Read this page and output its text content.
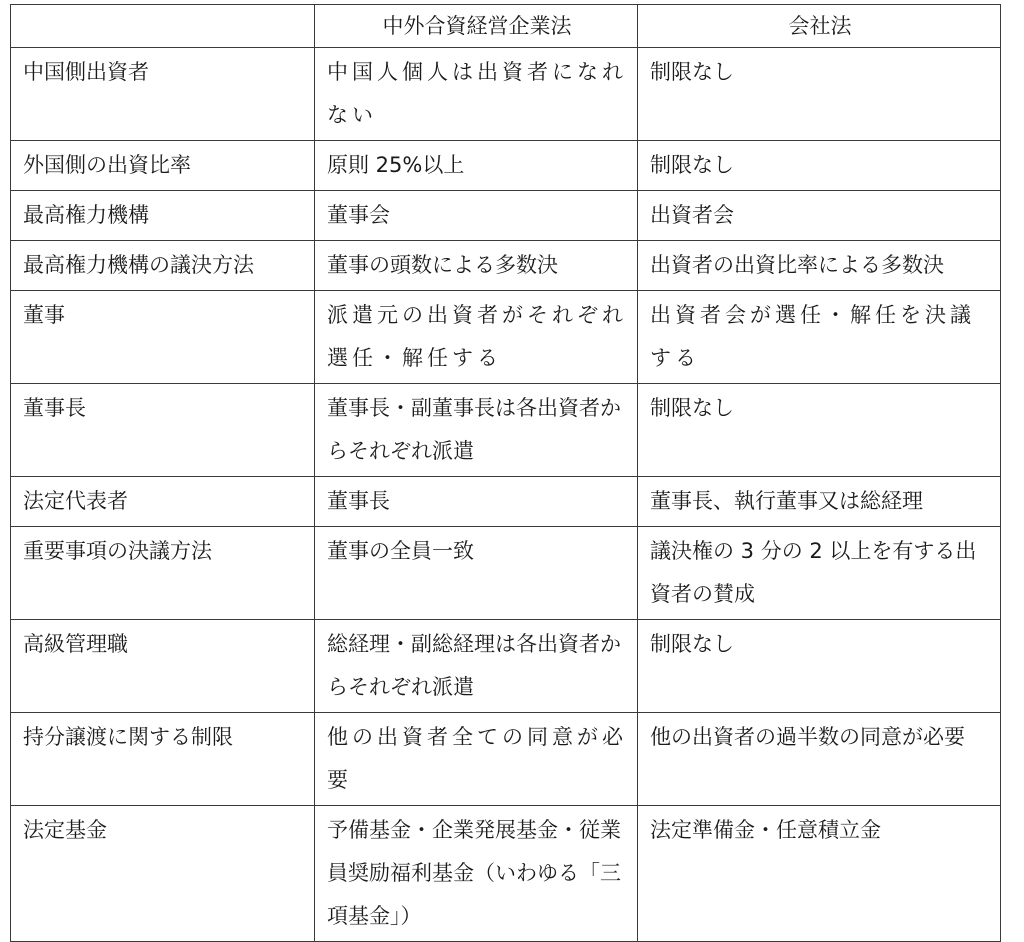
	中外合資経営企業法	会社法
中国側出資者	中国人個人は出資者になれない	制限なし
外国側の出資比率	原則 25%以上	制限なし
最高権力機構	董事会	出資者会
最高権力機構の議決方法	董事の頭数による多数決	出資者の出資比率による多数決
董事	派遣元の出資者がそれぞれ選任・解任する	出資者会が選任・解任を決議する
董事長	董事長・副董事長は各出資者からそれぞれ派遣	制限なし
法定代表者	董事長	董事長、執行董事又は総経理
重要事項の決議方法	董事の全員一致	議決権の 3 分の 2 以上を有する出資者の賛成
高級管理職	総経理・副総経理は各出資者からそれぞれ派遣	制限なし
持分譲渡に関する制限	他の出資者全ての同意が必要	他の出資者の過半数の同意が必要
法定基金	予備基金・企業発展基金・従業員奨励福利基金（いわゆる「三項基金」）	法定準備金・任意積立金
